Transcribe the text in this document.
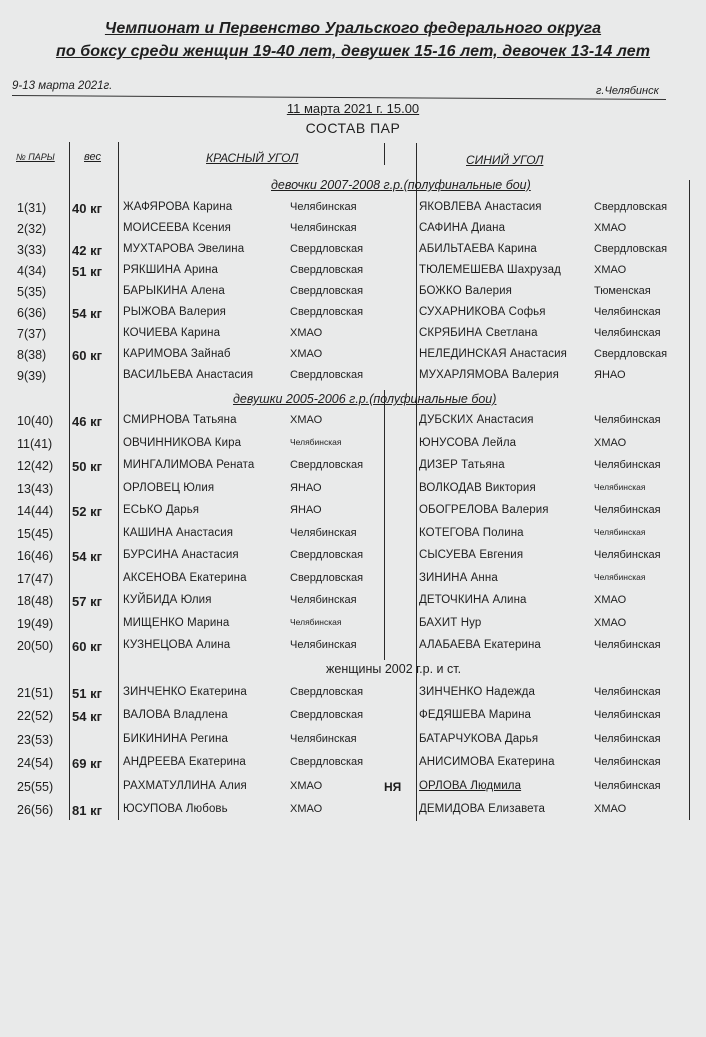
Чемпионат и Первенство Уральского федерального округа
по боксу среди женщин 19-40 лет, девушек 15-16 лет, девочек 13-14 лет
9-13 марта 2021г.	г.Челябинск
11 марта 2021 г. 15.00
СОСТАВ ПАР
№ ПАРЫ	вес	КРАСНЫЙ УГОЛ	СИНИЙ УГОЛ
девочки 2007-2008 г.р.(полуфинальные бои)
1(31) 40 кг ЖАФЯРОВА Карина	Челябинская	ЯКОВЛЕВА Анастасия	Свердловская
2(32)	МОИСЕЕВА Ксения	Челябинская	САФИНА Диана	ХМАО
3(33) 42 кг МУХТАРОВА Эвелина	Свердловская	АБИЛЬТАЕВА Карина	Свердловская
4(34) 51 кг РЯКШИНА Арина	Свердловская	ТЮЛЕМЕШЕВА Шахрузад	ХМАО
5(35)	БАРЫКИНА Алена	Свердловская	БОЖКО Валерия	Тюменская
6(36) 54 кг РЫЖОВА Валерия	Свердловская	СУХАРНИКОВА Софья	Челябинская
7(37)	КОЧИЕВА Карина	ХМАО	СКРЯБИНА Светлана	Челябинская
8(38) 60 кг КАРИМОВА Зайнаб	ХМАО	НЕЛЕДИНСКАЯ Анастасия Свердловская
9(39)	ВАСИЛЬЕВА Анастасия	Свердловская	МУХАРЛЯМОВА Валерия	ЯНАО
девушки 2005-2006 г.р.(полуфинальные бои)
10(40) 46 кг СМИРНОВА Татьяна	ХМАО	ДУБСКИХ Анастасия	Челябинская
11(41)	ОВЧИННИКОВА Кира	Челябинская	ЮНУСОВА Лейла	ХМАО
12(42) 50 кг МИНГАЛИМОВА Рената	Свердловская	ДИЗЕР Татьяна	Челябинская
13(43)	ОРЛОВЕЦ Юлия	ЯНАО	ВОЛКОДАВ Виктория	Челябинская
14(44) 52 кг ЕСЬКО Дарья	ЯНАО	ОБОГРЕЛОВА Валерия	Челябинская
15(45)	КАШИНА Анастасия	Челябинская	КОТЕГОВА Полина	Челябинская
16(46) 54 кг БУРСИНА Анастасия	Свердловская	СЫСУЕВА Евгения	Челябинская
17(47)	АКСЕНОВА Екатерина	Свердловская	ЗИНИНА Анна	Челябинская
18(48) 57 кг КУЙБИДА Юлия	Челябинская	ДЕТОЧКИНА Алина	ХМАО
19(49)	МИЩЕНКО Марина	Челябинская	БАХИТ Нур	ХМАО
20(50) 60 кг КУЗНЕЦОВА Алина	Челябинская	АЛАБАЕВА Екатерина	Челябинская
женщины 2002 г.р. и ст.
21(51) 51 кг ЗИНЧЕНКО Екатерина	Свердловская	ЗИНЧЕНКО Надежда	Челябинская
22(52) 54 кг ВАЛОВА Владлена	Свердловская	ФЕДЯШЕВА Марина	Челябинская
23(53)	БИКИНИНА Регина	Челябинская	БАТАРЧУКОВА Дарья	Челябинская
24(54) 69 кг АНДРЕЕВА Екатерина	Свердловская	АНИСИМОВА Екатерина	Челябинская
25(55)	РАХМАТУЛЛИНА Алия	ХМАО	НЯ ОРЛОВА Людмила	Челябинская
26(56) 81 кг ЮСУПОВА Любовь	ХМАО	ДЕМИДОВА Елизавета	ХМАО
